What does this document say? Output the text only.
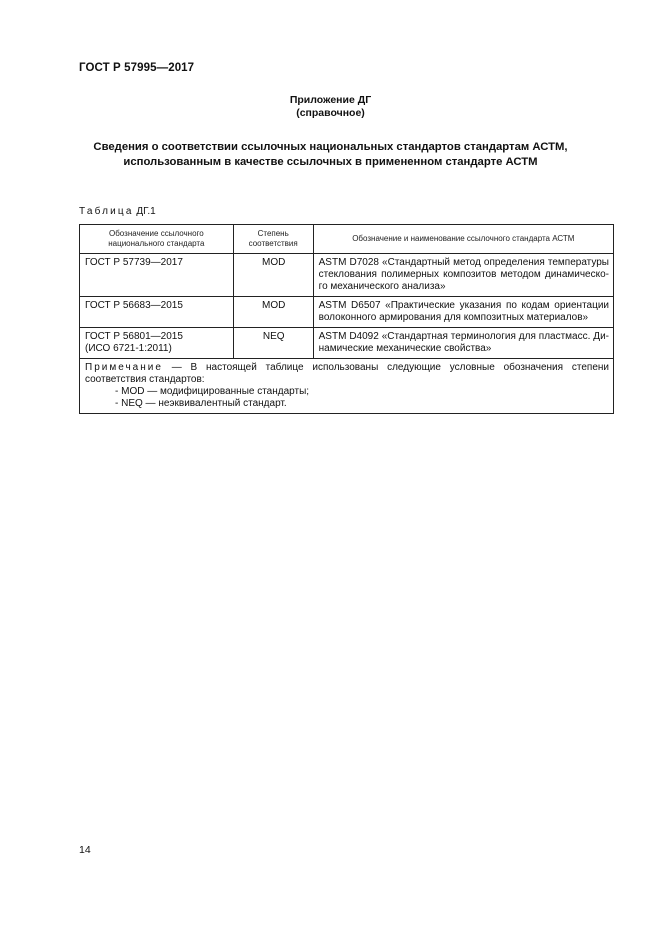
ГОСТ Р 57995—2017
Приложение ДГ
(справочное)
Сведения о соответствии ссылочных национальных стандартов стандартам АСТМ,
использованным в качестве ссылочных в примененном стандарте АСТМ
Таблица ДГ.1
Обозначение ссылочного национального стандарта	Степень соответствия	Обозначение и наименование ссылочного стандарта АСТМ
ГОСТ Р 57739—2017	MOD	ASTM D7028 «Стандартный метод определения температуры стеклования полимерных композитов методом динамическо-го механического анализа»
ГОСТ Р 56683—2015	MOD	ASTM D6507 «Практические указания по кодам ориентации волоконного армирования для композитных материалов»

ГОСТ Р 56801—2015
(ИСО 6721-1:2011)	NEQ	ASTM D4092 «Стандартная терминология для пластмасс. Ди-намические механические свойства»

Примечание — В настоящей таблице использованы следующие условные обозначения степени соответствия стандартов:
- MOD — модифицированные стандарты;
- NEQ — неэквивалентный стандарт.		
14
